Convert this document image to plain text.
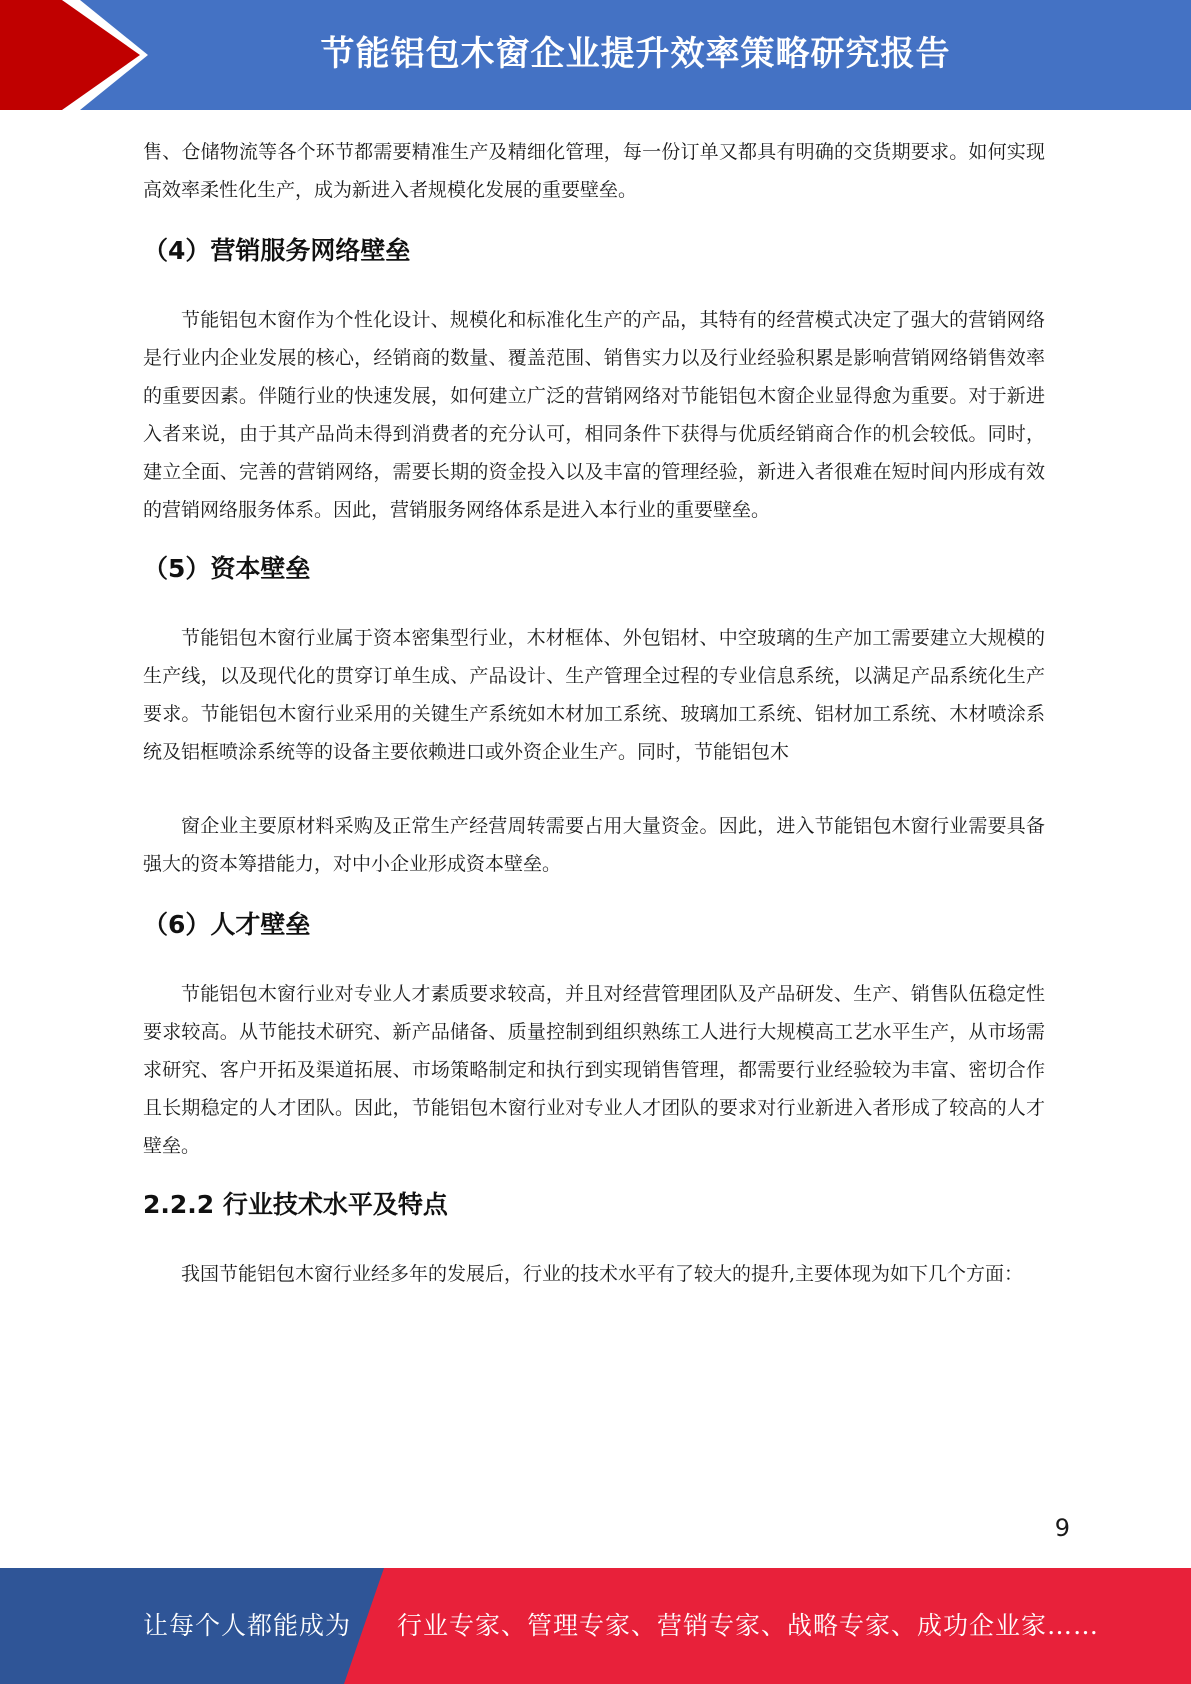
节能铝包木窗企业提升效率策略研究报告

售、仓储物流等各个环节都需要精准生产及精细化管理，每一份订单又都具有明确的交货期要求。如何实现高效率柔性化生产，成为新进入者规模化发展的重要壁垒。

（4）营销服务网络壁垒

节能铝包木窗作为个性化设计、规模化和标准化生产的产品，其特有的经营模式决定了强大的营销网络是行业内企业发展的核心，经销商的数量、覆盖范围、销售实力以及行业经验积累是影响营销网络销售效率的重要因素。伴随行业的快速发展，如何建立广泛的营销网络对节能铝包木窗企业显得愈为重要。对于新进入者来说，由于其产品尚未得到消费者的充分认可，相同条件下获得与优质经销商合作的机会较低。同时，建立全面、完善的营销网络，需要长期的资金投入以及丰富的管理经验，新进入者很难在短时间内形成有效的营销网络服务体系。因此，营销服务网络体系是进入本行业的重要壁垒。

（5）资本壁垒

节能铝包木窗行业属于资本密集型行业，木材框体、外包铝材、中空玻璃的生产加工需要建立大规模的生产线，以及现代化的贯穿订单生成、产品设计、生产管理全过程的专业信息系统，以满足产品系统化生产要求。节能铝包木窗行业采用的关键生产系统如木材加工系统、玻璃加工系统、铝材加工系统、木材喷涂系统及铝框喷涂系统等的设备主要依赖进口或外资企业生产。同时，节能铝包木

窗企业主要原材料采购及正常生产经营周转需要占用大量资金。因此，进入节能铝包木窗行业需要具备强大的资本筹措能力，对中小企业形成资本壁垒。

（6）人才壁垒

节能铝包木窗行业对专业人才素质要求较高，并且对经营管理团队及产品研发、生产、销售队伍稳定性要求较高。从节能技术研究、新产品储备、质量控制到组织熟练工人进行大规模高工艺水平生产，从市场需求研究、客户开拓及渠道拓展、市场策略制定和执行到实现销售管理，都需要行业经验较为丰富、密切合作且长期稳定的人才团队。因此，节能铝包木窗行业对专业人才团队的要求对行业新进入者形成了较高的人才壁垒。

2.2.2 行业技术水平及特点

我国节能铝包木窗行业经多年的发展后，行业的技术水平有了较大的提升,主要体现为如下几个方面：

9
让每个人都能成为 行业专家、管理专家、营销专家、战略专家、成功企业家……
